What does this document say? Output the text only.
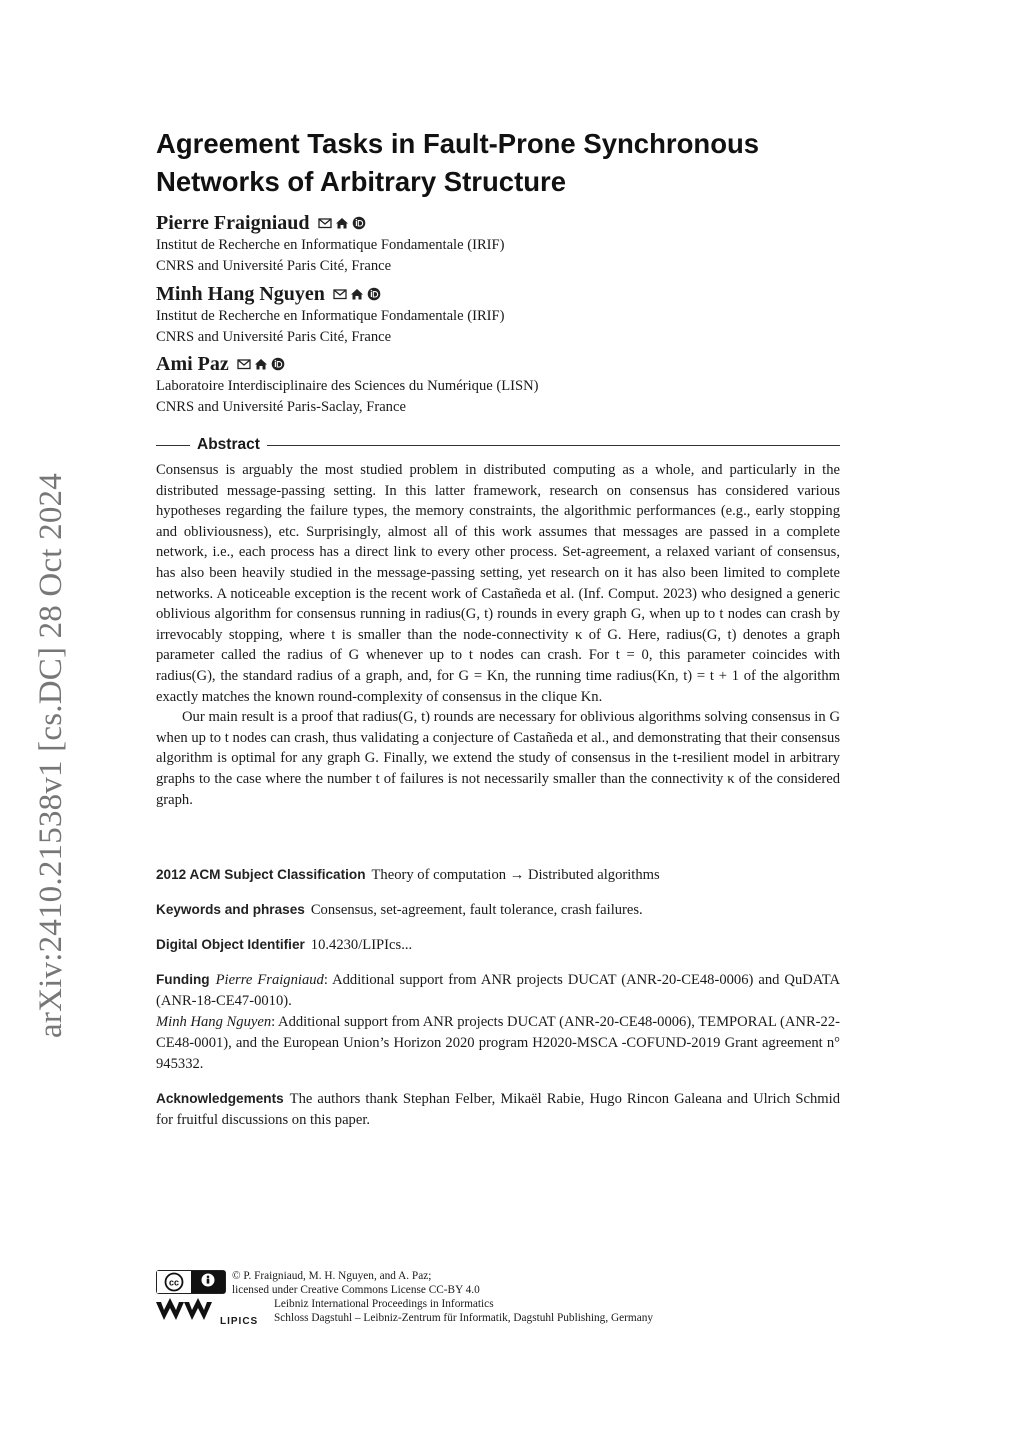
arXiv:2410.21538v1 [cs.DC] 28 Oct 2024
Agreement Tasks in Fault-Prone Synchronous
Networks of Arbitrary Structure
Pierre Fraigniaud
Institut de Recherche en Informatique Fondamentale (IRIF)
CNRS and Université Paris Cité, France
Minh Hang Nguyen
Institut de Recherche en Informatique Fondamentale (IRIF)
CNRS and Université Paris Cité, France
Ami Paz
Laboratoire Interdisciplinaire des Sciences du Numérique (LISN)
CNRS and Université Paris-Saclay, France
Abstract

Consensus is arguably the most studied problem in distributed computing as a whole, and particularly in the distributed message-passing setting. In this latter framework, research on consensus has considered various hypotheses regarding the failure types, the memory constraints, the algorithmic performances (e.g., early stopping and obliviousness), etc. Surprisingly, almost all of this work assumes that messages are passed in a complete network, i.e., each process has a direct link to every other process. Set-agreement, a relaxed variant of consensus, has also been heavily studied in the message-passing setting, yet research on it has also been limited to complete networks. A noticeable exception is the recent work of Castañeda et al. (Inf. Comput. 2023) who designed a generic oblivious algorithm for consensus running in radius(G, t) rounds in every graph G, when up to t nodes can crash by irrevocably stopping, where t is smaller than the node-connectivity κ of G. Here, radius(G, t) denotes a graph parameter called the radius of G whenever up to t nodes can crash. For t = 0, this parameter coincides with radius(G), the standard radius of a graph, and, for G = Kn, the running time radius(Kn, t) = t + 1 of the algorithm exactly matches the known round-complexity of consensus in the clique Kn.

Our main result is a proof that radius(G, t) rounds are necessary for oblivious algorithms solving consensus in G when up to t nodes can crash, thus validating a conjecture of Castañeda et al., and demonstrating that their consensus algorithm is optimal for any graph G. Finally, we extend the study of consensus in the t-resilient model in arbitrary graphs to the case where the number t of failures is not necessarily smaller than the connectivity κ of the considered graph.

2012 ACM Subject Classification Theory of computation → Distributed algorithms

Keywords and phrases Consensus, set-agreement, fault tolerance, crash failures.

Digital Object Identifier 10.4230/LIPIcs...

Funding Pierre Fraigniaud: Additional support from ANR projects DUCAT (ANR-20-CE48-0006) and QuDATA (ANR-18-CE47-0010).

Minh Hang Nguyen: Additional support from ANR projects DUCAT (ANR-20-CE48-0006), TEMPORAL (ANR-22-CE48-0001), and the European Union’s Horizon 2020 program H2020-MSCA -COFUND-2019 Grant agreement n° 945332.

Acknowledgements The authors thank Stephan Felber, Mikaël Rabie, Hugo Rincon Galeana and Ulrich Schmid for fruitful discussions on this paper.

cc
LIPICS
© P. Fraigniaud, M. H. Nguyen, and A. Paz;
licensed under Creative Commons License CC-BY 4.0
Leibniz International Proceedings in Informatics
Schloss Dagstuhl – Leibniz-Zentrum für Informatik, Dagstuhl Publishing, Germany
